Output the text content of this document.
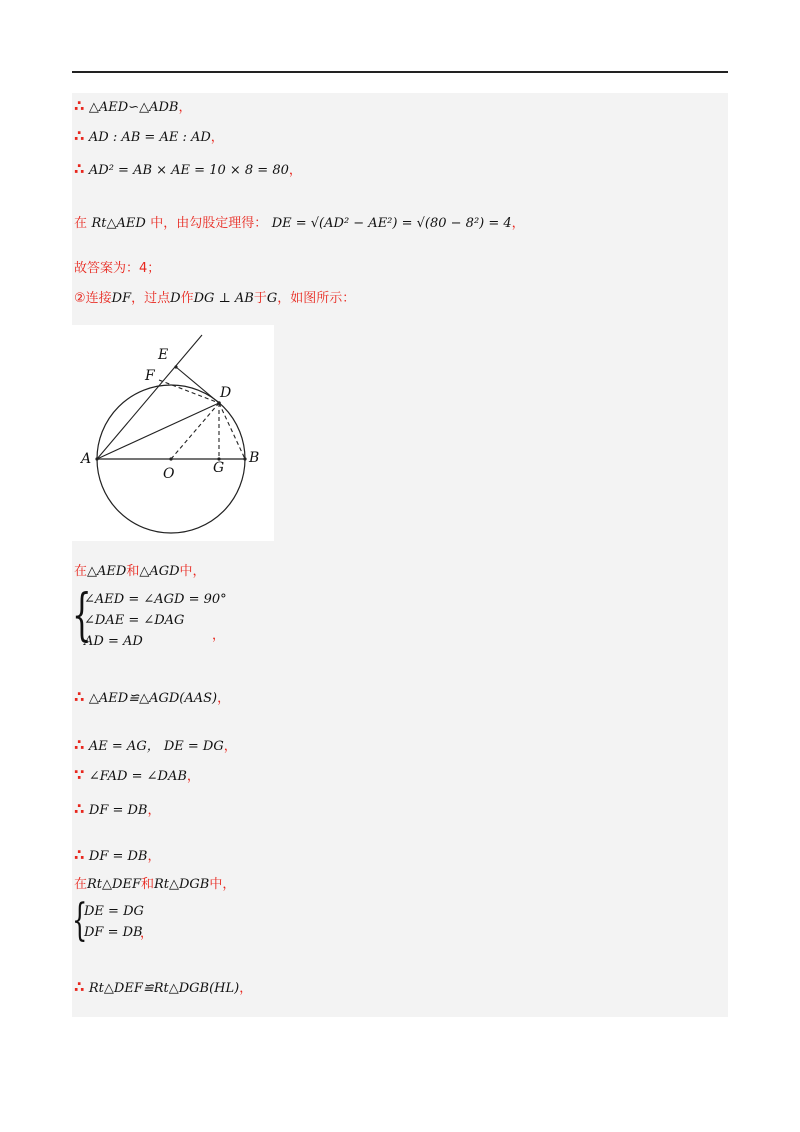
∴ △AED∽△ADB，
∴ AD : AB = AE : AD，
∴ AD² = AB × AE = 10 × 8 = 80，
在 Rt△AED 中，由勾股定理得： DE = √(AD² − AE²) = √(80 − 8²) = 4，
故答案为：4；
②连接DF，过点D作DG ⊥ AB于G，如图所示：
E
F
D
A
O	G
B
在△AED和△AGD中，
{
∠AED = ∠AGD = 90°
∠DAE = ∠DAG
AD = AD	，
∴ △AED≌△AGD(AAS)，
∴ AE = AG， DE = DG，
∵ ∠FAD = ∠DAB，
∴ DF = DB，
∴ DF = DB，
在Rt△DEF和Rt△DGB中，
{
DE = DG
DF = DB
，
∴ Rt△DEF≌Rt△DGB(HL)，
